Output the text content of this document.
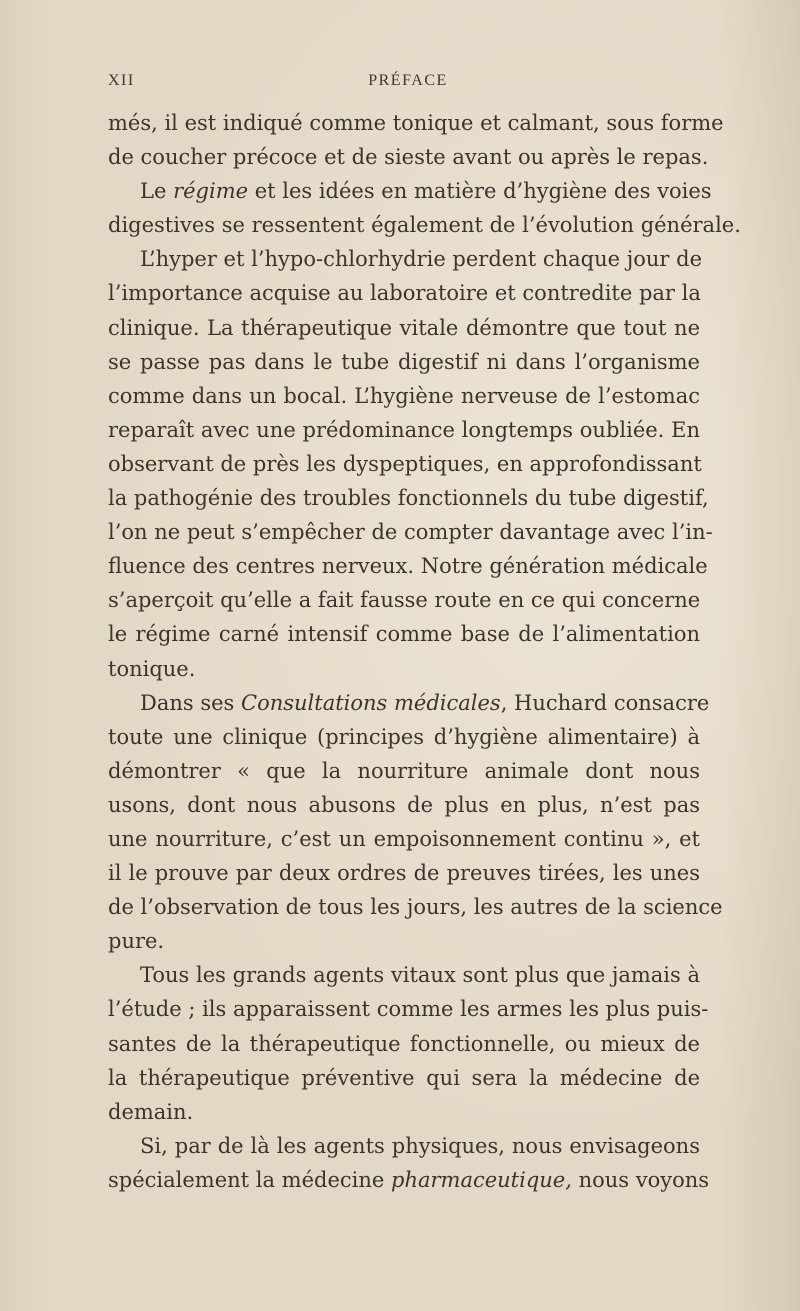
XII	PRÉFACE
més, il est indiqué comme tonique et calmant, sous forme
de coucher précoce et de sieste avant ou après le repas.
Le régime et les idées en matière d’hygiène des voies
digestives se ressentent également de l’évolution générale.
L’hyper et l’hypo-chlorhydrie perdent chaque jour de
l’importance acquise au laboratoire et contredite par la
clinique. La thérapeutique vitale démontre que tout ne
se passe pas dans le tube digestif ni dans l’organisme
comme dans un bocal. L’hygiène nerveuse de l’estomac
reparaît avec une prédominance longtemps oubliée. En
observant de près les dyspeptiques, en approfondissant
la pathogénie des troubles fonctionnels du tube digestif,
l’on ne peut s’empêcher de compter davantage avec l’in-
fluence des centres nerveux. Notre génération médicale
s’aperçoit qu’elle a fait fausse route en ce qui concerne
le régime carné intensif comme base de l’alimentation
tonique.
Dans ses Consultations médicales, Huchard consacre
toute une clinique (principes d’hygiène alimentaire) à
démontrer « que la nourriture animale dont nous
usons, dont nous abusons de plus en plus, n’est pas
une nourriture, c’est un empoisonnement continu », et
il le prouve par deux ordres de preuves tirées, les unes
de l’observation de tous les jours, les autres de la science
pure.
Tous les grands agents vitaux sont plus que jamais à
l’étude ; ils apparaissent comme les armes les plus puis-
santes de la thérapeutique fonctionnelle, ou mieux de
la thérapeutique préventive qui sera la médecine de
demain.
Si, par de là les agents physiques, nous envisageons
spécialement la médecine pharmaceutique, nous voyons
